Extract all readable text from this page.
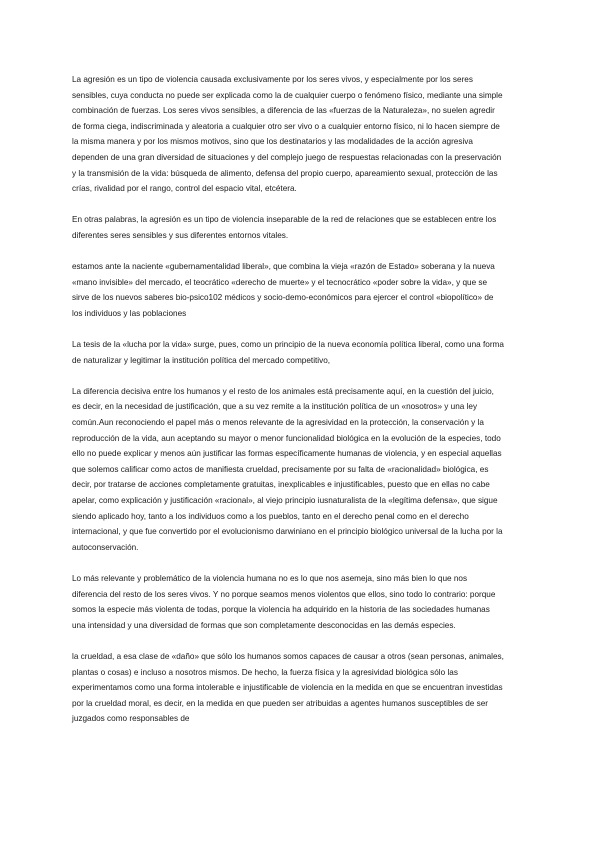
La agresión es un tipo de violencia causada exclusivamente por los seres vivos, y especialmente por los seres sensibles, cuya conducta no puede ser explicada como la de cualquier cuerpo o fenómeno físico, mediante una simple combinación de fuerzas. Los seres vivos sensibles, a diferencia de las «fuerzas de la Naturaleza», no suelen agredir de forma ciega, indiscriminada y aleatoria a cualquier otro ser vivo o a cualquier entorno físico, ni lo hacen siempre de la misma manera y por los mismos motivos, sino que los destinatarios y las modalidades de la acción agresiva dependen de una gran diversidad de situaciones y del complejo juego de respuestas relacionadas con la preservación y la transmisión de la vida: búsqueda de alimento, defensa del propio cuerpo, apareamiento sexual, protección de las crías, rivalidad por el rango, control del espacio vital, etcétera.

En otras palabras, la agresión es un tipo de violencia inseparable de la red de relaciones que se establecen entre los diferentes seres sensibles y sus diferentes entornos vitales.

estamos ante la naciente «gubernamentalidad liberal», que combina la vieja «razón de Estado» soberana y la nueva «mano invisible» del mercado, el teocrático «derecho de muerte» y el tecnocrático «poder sobre la vida», y que se sirve de los nuevos saberes bio-psico102 médicos y socio-demo-económicos para ejercer el control «biopolítico» de los individuos y las poblaciones

La tesis de la «lucha por la vida» surge, pues, como un principio de la nueva economía política liberal, como una forma de naturalizar y legitimar la institución política del mercado competitivo,

La diferencia decisiva entre los humanos y el resto de los animales está precisamente aquí, en la cuestión del juicio, es decir, en la necesidad de justificación, que a su vez remite a la institución política de un «nosotros» y una ley común.Aun reconociendo el papel más o menos relevante de la agresividad en la protección, la conservación y la reproducción de la vida, aun aceptando su mayor o menor funcionalidad biológica en la evolución de la especies, todo ello no puede explicar y menos aún justificar las formas específicamente humanas de violencia, y en especial aquellas que solemos calificar como actos de manifiesta crueldad, precisamente por su falta de «racionalidad» biológica, es decir, por tratarse de acciones completamente gratuitas, inexplicables e injustificables, puesto que en ellas no cabe apelar, como explicación y justificación «racional», al viejo principio iusnaturalista de la «legítima defensa», que sigue siendo aplicado hoy, tanto a los individuos como a los pueblos, tanto en el derecho penal como en el derecho internacional, y que fue convertido por el evolucionismo darwiniano en el principio biológico universal de la lucha por la autoconservación.

Lo más relevante y problemático de la violencia humana no es lo que nos asemeja, sino más bien lo que nos diferencia del resto de los seres vivos. Y no porque seamos menos violentos que ellos, sino todo lo contrario: porque somos la especie más violenta de todas, porque la violencia ha adquirido en la historia de las sociedades humanas una intensidad y una diversidad de formas que son completamente desconocidas en las demás especies.

la crueldad, a esa clase de «daño» que sólo los humanos somos capaces de causar a otros (sean personas, animales, plantas o cosas) e incluso a nosotros mismos. De hecho, la fuerza física y la agresividad biológica sólo las experimentamos como una forma intolerable e injustificable de violencia en la medida en que se encuentran investidas por la crueldad moral, es decir, en la medida en que pueden ser atribuidas a agentes humanos susceptibles de ser juzgados como responsables de
